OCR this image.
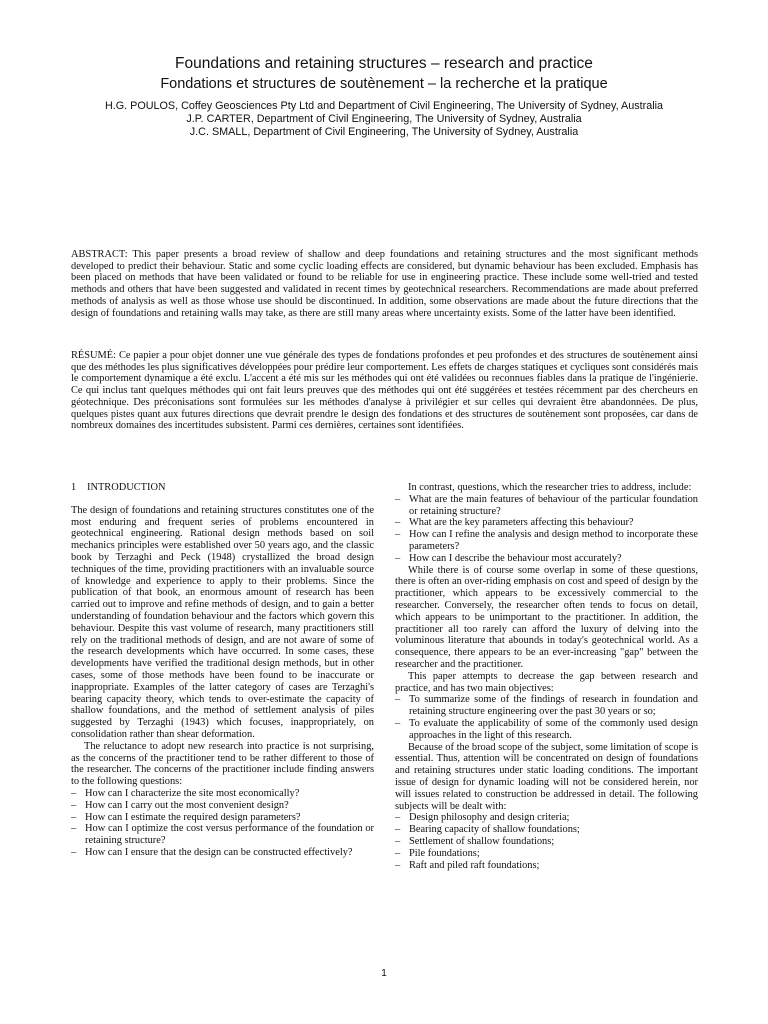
Foundations and retaining structures – research and practice
Fondations et structures de soutènement – la recherche et la pratique
H.G. POULOS, Coffey Geosciences Pty Ltd and Department of Civil Engineering, The University of Sydney, Australia
J.P. CARTER, Department of Civil Engineering, The University of Sydney, Australia
J.C. SMALL, Department of Civil Engineering, The University of Sydney, Australia
ABSTRACT: This paper presents a broad review of shallow and deep foundations and retaining structures and the most significant methods developed to predict their behaviour. Static and some cyclic loading effects are considered, but dynamic behaviour has been excluded. Emphasis has been placed on methods that have been validated or found to be reliable for use in engineering practice. These include some well-tried and tested methods and others that have been suggested and validated in recent times by geotechnical researchers. Recommendations are made about preferred methods of analysis as well as those whose use should be discontinued. In addition, some observations are made about the future directions that the design of foundations and retaining walls may take, as there are still many areas where uncertainty exists. Some of the latter have been identified.
RÉSUMÉ: Ce papier a pour objet donner une vue générale des types de fondations profondes et peu profondes et des structures de soutènement ainsi que des méthodes les plus significatives développées pour prédire leur comportement. Les effets de charges statiques et cycliques sont considérés mais le comportement dynamique a été exclu. L'accent a été mis sur les méthodes qui ont été validées ou reconnues fiables dans la pratique de l'ingénierie. Ce qui inclus tant quelques méthodes qui ont fait leurs preuves que des méthodes qui ont été suggérées et testées récemment par des chercheurs en géotechnique. Des préconisations sont formulées sur les méthodes d'analyse à privilégier et sur celles qui devraient être abandonnées. De plus, quelques pistes quant aux futures directions que devrait prendre le design des fondations et des structures de soutènement sont proposées, car dans de nombreux domaines des incertitudes subsistent. Parmi ces dernières, certaines sont identifiées.
1 INTRODUCTION

The design of foundations and retaining structures constitutes one of the most enduring and frequent series of problems encountered in geotechnical engineering. Rational design methods based on soil mechanics principles were established over 50 years ago, and the classic book by Terzaghi and Peck (1948) crystallized the broad design techniques of the time, providing practitioners with an invaluable source of knowledge and experience to apply to their problems. Since the publication of that book, an enormous amount of research has been carried out to improve and refine methods of design, and to gain a better understanding of foundation behaviour and the factors which govern this behaviour. Despite this vast volume of research, many practitioners still rely on the traditional methods of design, and are not aware of some of the research developments which have occurred. In some cases, these developments have verified the traditional design methods, but in other cases, some of those methods have been found to be inaccurate or inappropriate. Examples of the latter category of cases are Terzaghi's bearing capacity theory, which tends to over-estimate the capacity of shallow foundations, and the method of settlement analysis of piles suggested by Terzaghi (1943) which focuses, inappropriately, on consolidation rather than shear deformation.

The reluctance to adopt new research into practice is not surprising, as the concerns of the practitioner tend to be rather different to those of the researcher. The concerns of the practitioner include finding answers to the following questions:

– How can I characterize the site most economically?
– How can I carry out the most convenient design?
– How can I estimate the required design parameters?
– How can I optimize the cost versus performance of the foundation or retaining structure?
– How can I ensure that the design can be constructed effectively?

In contrast, questions, which the researcher tries to address, include:

– What are the main features of behaviour of the particular foundation or retaining structure?
– What are the key parameters affecting this behaviour?
– How can I refine the analysis and design method to incorporate these parameters?
– How can I describe the behaviour most accurately?

While there is of course some overlap in some of these questions, there is often an over-riding emphasis on cost and speed of design by the practitioner, which appears to be excessively commercial to the researcher. Conversely, the researcher often tends to focus on detail, which appears to be unimportant to the practitioner. In addition, the practitioner all too rarely can afford the luxury of delving into the voluminous literature that abounds in today's geotechnical world. As a consequence, there appears to be an ever-increasing "gap" between the researcher and the practitioner.

This paper attempts to decrease the gap between research and practice, and has two main objectives:

– To summarize some of the findings of research in foundation and retaining structure engineering over the past 30 years or so;
– To evaluate the applicability of some of the commonly used design approaches in the light of this research.

Because of the broad scope of the subject, some limitation of scope is essential. Thus, attention will be concentrated on design of foundations and retaining structures under static loading conditions. The important issue of design for dynamic loading will not be considered herein, nor will issues related to construction be addressed in detail. The following subjects will be dealt with:

– Design philosophy and design criteria;
– Bearing capacity of shallow foundations;
– Settlement of shallow foundations;
– Pile foundations;
– Raft and piled raft foundations;
1
